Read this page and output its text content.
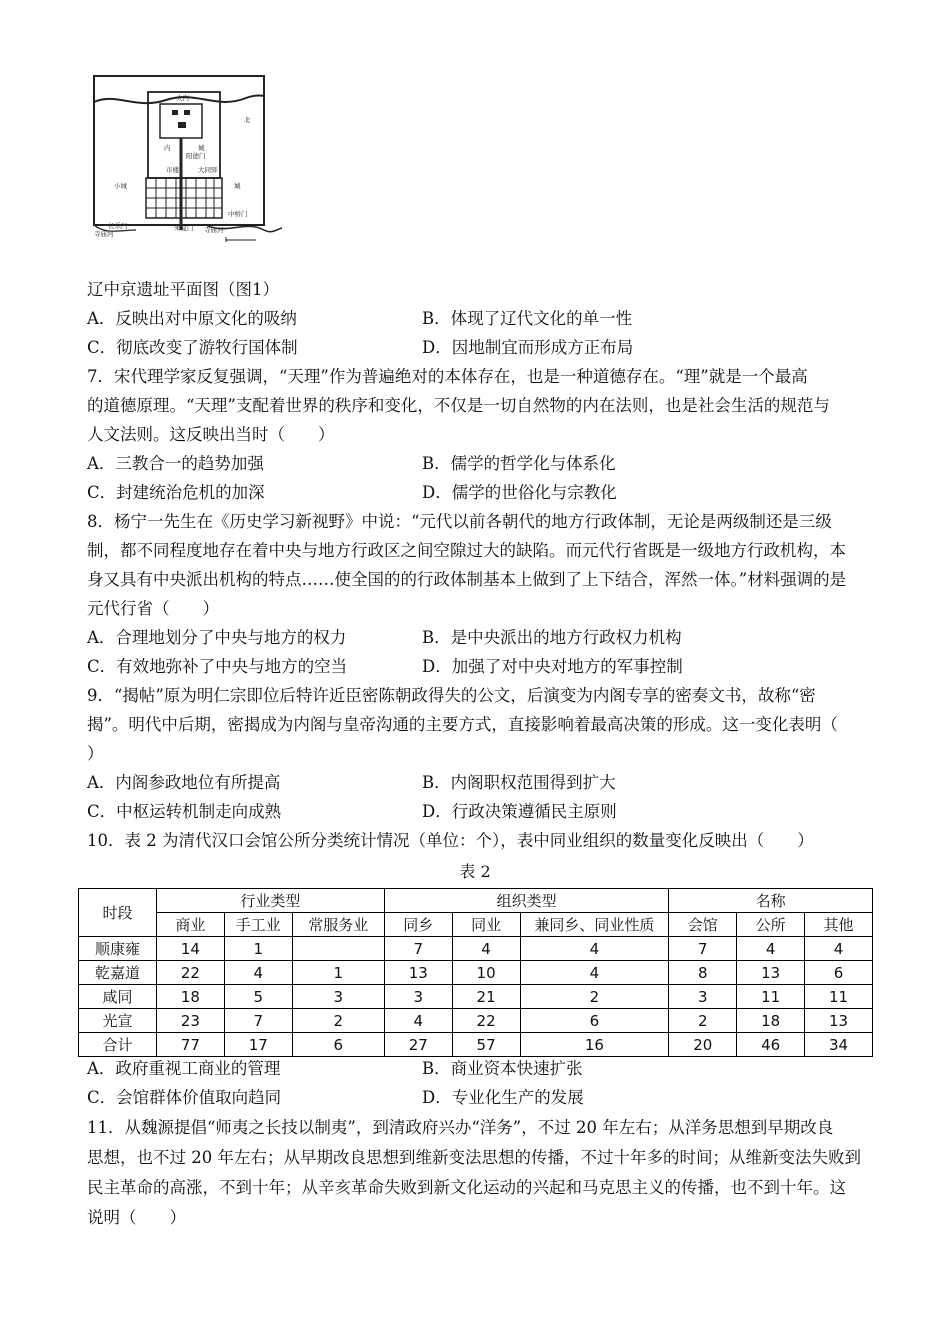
北
大内
内	城
阳德门
市楼	大同驿
小城	城
中桥门
长乐门	朱夏门 寺庙河
寺庙河
辽中京遗址平面图（图1）
A．反映出对中原文化的吸纳	B．体现了辽代文化的单一性
C．彻底改变了游牧行国体制	D．因地制宜而形成方正布局
7．宋代理学家反复强调，“天理”作为普遍绝对的本体存在，也是一种道德存在。“理”就是一个最高
的道德原理。“天理”支配着世界的秩序和变化，不仅是一切自然物的内在法则，也是社会生活的规范与
人文法则。这反映出当时（　　）
A．三教合一的趋势加强	B．儒学的哲学化与体系化
C．封建统治危机的加深	D．儒学的世俗化与宗教化
8．杨宁一先生在《历史学习新视野》中说：“元代以前各朝代的地方行政体制，无论是两级制还是三级
制，都不同程度地存在着中央与地方行政区之间空隙过大的缺陷。而元代行省既是一级地方行政机构，本
身又具有中央派出机构的特点……使全国的的行政体制基本上做到了上下结合，浑然一体。”材料强调的是
元代行省（　　）
A．合理地划分了中央与地方的权力	B．是中央派出的地方行政权力机构
C．有效地弥补了中央与地方的空当	D．加强了对中央对地方的军事控制
9．“揭帖”原为明仁宗即位后特许近臣密陈朝政得失的公文，后演变为内阁专享的密奏文书，故称“密
揭”。明代中后期，密揭成为内阁与皇帝沟通的主要方式，直接影响着最高决策的形成。这一变化表明（
）
A．内阁参政地位有所提高	B．内阁职权范围得到扩大
C．中枢运转机制走向成熟	D．行政决策遵循民主原则
10．表 2 为清代汉口会馆公所分类统计情况（单位：个），表中同业组织的数量变化反映出（　　）
表 2
时段	行业类型			组织类型			名称		
	商业	手工业	常服务业	同乡	同业	兼同乡、同业性质	会馆	公所	其他
顺康雍	14	1		7	4	4	7	4	4
乾嘉道	22	4	1	13	10	4	8	13	6
咸同	18	5	3	3	21	2	3	11	11
光宣	23	7	2	4	22	6	2	18	13
合计	77	17	6	27	57	16	20	46	34
A．政府重视工商业的管理	B．商业资本快速扩张
C．会馆群体价值取向趋同	D．专业化生产的发展
11．从魏源提倡“师夷之长技以制夷”，到清政府兴办“洋务”，不过 20 年左右；从洋务思想到早期改良
思想，也不过 20 年左右；从早期改良思想到维新变法思想的传播，不过十年多的时间；从维新变法失败到
民主革命的高涨，不到十年；从辛亥革命失败到新文化运动的兴起和马克思主义的传播，也不到十年。这
说明（　　）
